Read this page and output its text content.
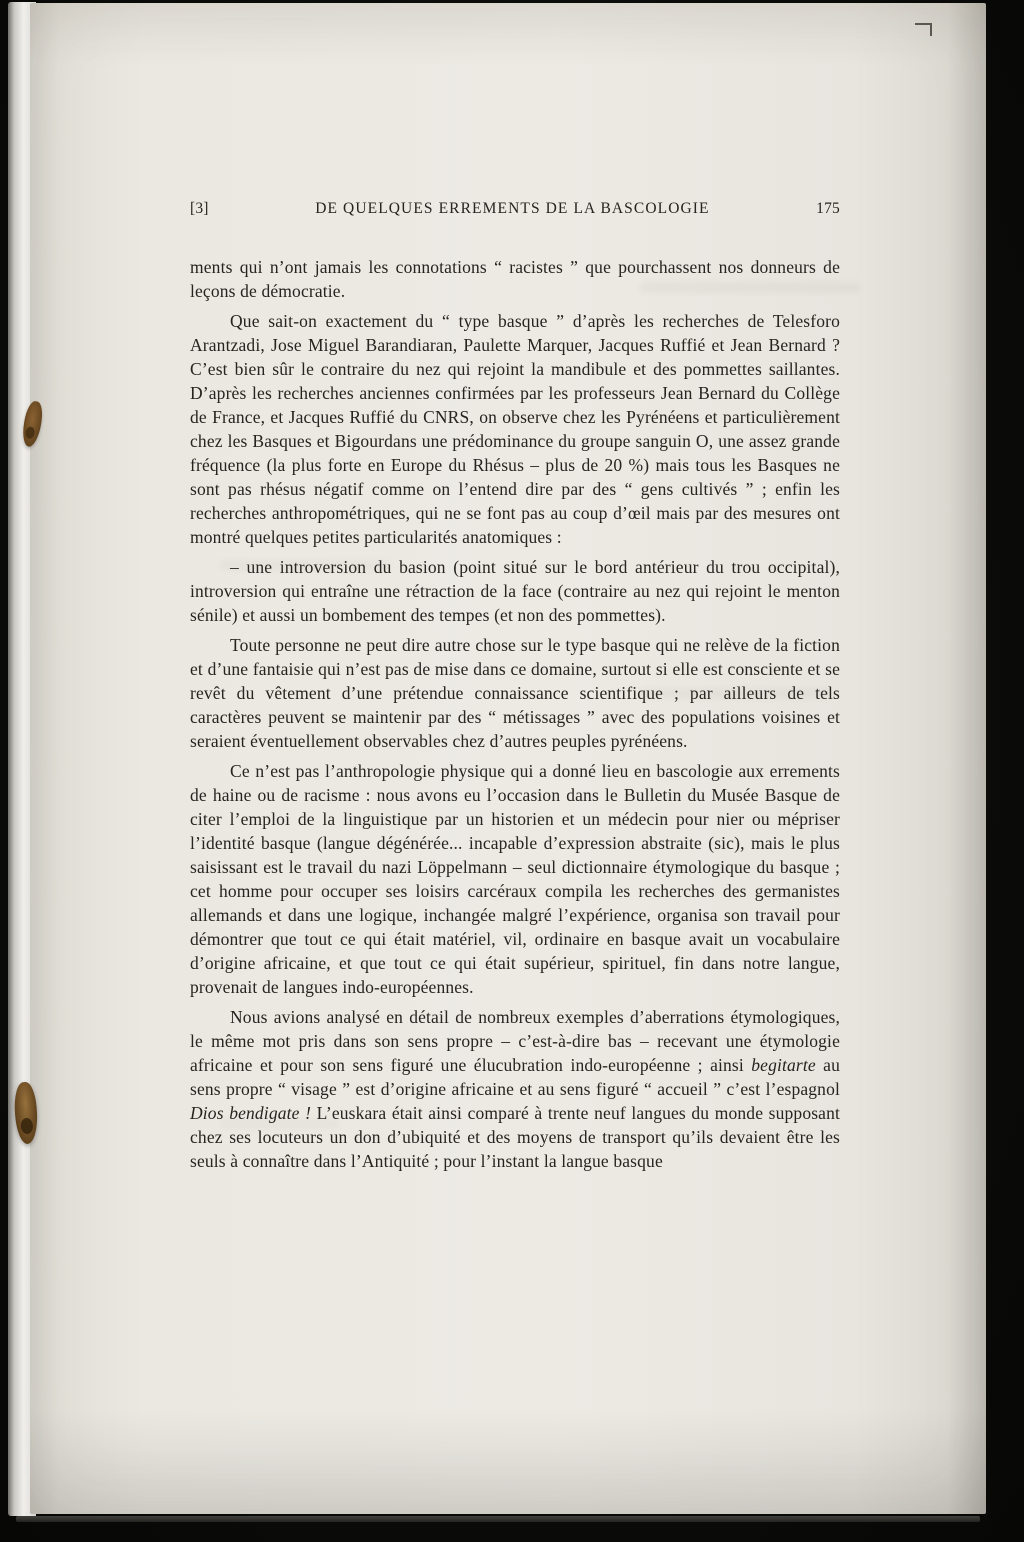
[3]	DE QUELQUES ERREMENTS DE LA BASCOLOGIE	175

ments qui n’ont jamais les connotations “ racistes ” que pourchassent nos donneurs de leçons de démocratie.

Que sait-on exactement du “ type basque ” d’après les recherches de Telesforo Arantzadi, Jose Miguel Barandiaran, Paulette Marquer, Jacques Ruffié et Jean Bernard ? C’est bien sûr le contraire du nez qui rejoint la mandibule et des pommettes saillantes. D’après les recherches anciennes confirmées par les professeurs Jean Bernard du Collège de France, et Jacques Ruffié du CNRS, on observe chez les Pyrénéens et particulièrement chez les Basques et Bigourdans une prédominance du groupe sanguin O, une assez grande fréquence (la plus forte en Europe du Rhésus – plus de 20 %) mais tous les Basques ne sont pas rhésus négatif comme on l’entend dire par des “ gens cultivés ” ; enfin les recherches anthropométriques, qui ne se font pas au coup d’œil mais par des mesures ont montré quelques petites particularités anatomiques :

– une introversion du basion (point situé sur le bord antérieur du trou occipital), introversion qui entraîne une rétraction de la face (contraire au nez qui rejoint le menton sénile) et aussi un bombement des tempes (et non des pommettes).

Toute personne ne peut dire autre chose sur le type basque qui ne relève de la fiction et d’une fantaisie qui n’est pas de mise dans ce domaine, surtout si elle est consciente et se revêt du vêtement d’une prétendue connaissance scientifique ; par ailleurs de tels caractères peuvent se maintenir par des “ métissages ” avec des populations voisines et seraient éventuellement observables chez d’autres peuples pyrénéens.

Ce n’est pas l’anthropologie physique qui a donné lieu en bascologie aux errements de haine ou de racisme : nous avons eu l’occasion dans le Bulletin du Musée Basque de citer l’emploi de la linguistique par un historien et un médecin pour nier ou mépriser l’identité basque (langue dégénérée... incapable d’expression abstraite (sic), mais le plus saisissant est le travail du nazi Löppelmann – seul dictionnaire étymologique du basque ; cet homme pour occuper ses loisirs carcéraux compila les recherches des germanistes allemands et dans une logique, inchangée malgré l’expérience, organisa son travail pour démontrer que tout ce qui était matériel, vil, ordinaire en basque avait un vocabulaire d’origine africaine, et que tout ce qui était supérieur, spirituel, fin dans notre langue, provenait de langues indo-européennes.

Nous avions analysé en détail de nombreux exemples d’aberrations étymologiques, le même mot pris dans son sens propre – c’est-à-dire bas – recevant une étymologie africaine et pour son sens figuré une élucubration indo-européenne ; ainsi begitarte au sens propre “ visage ” est d’origine africaine et au sens figuré “ accueil ” c’est l’espagnol Dios bendigate ! L’euskara était ainsi comparé à trente neuf langues du monde supposant chez ses locuteurs un don d’ubiquité et des moyens de transport qu’ils devaient être les seuls à connaître dans l’Antiquité ; pour l’instant la langue basque
